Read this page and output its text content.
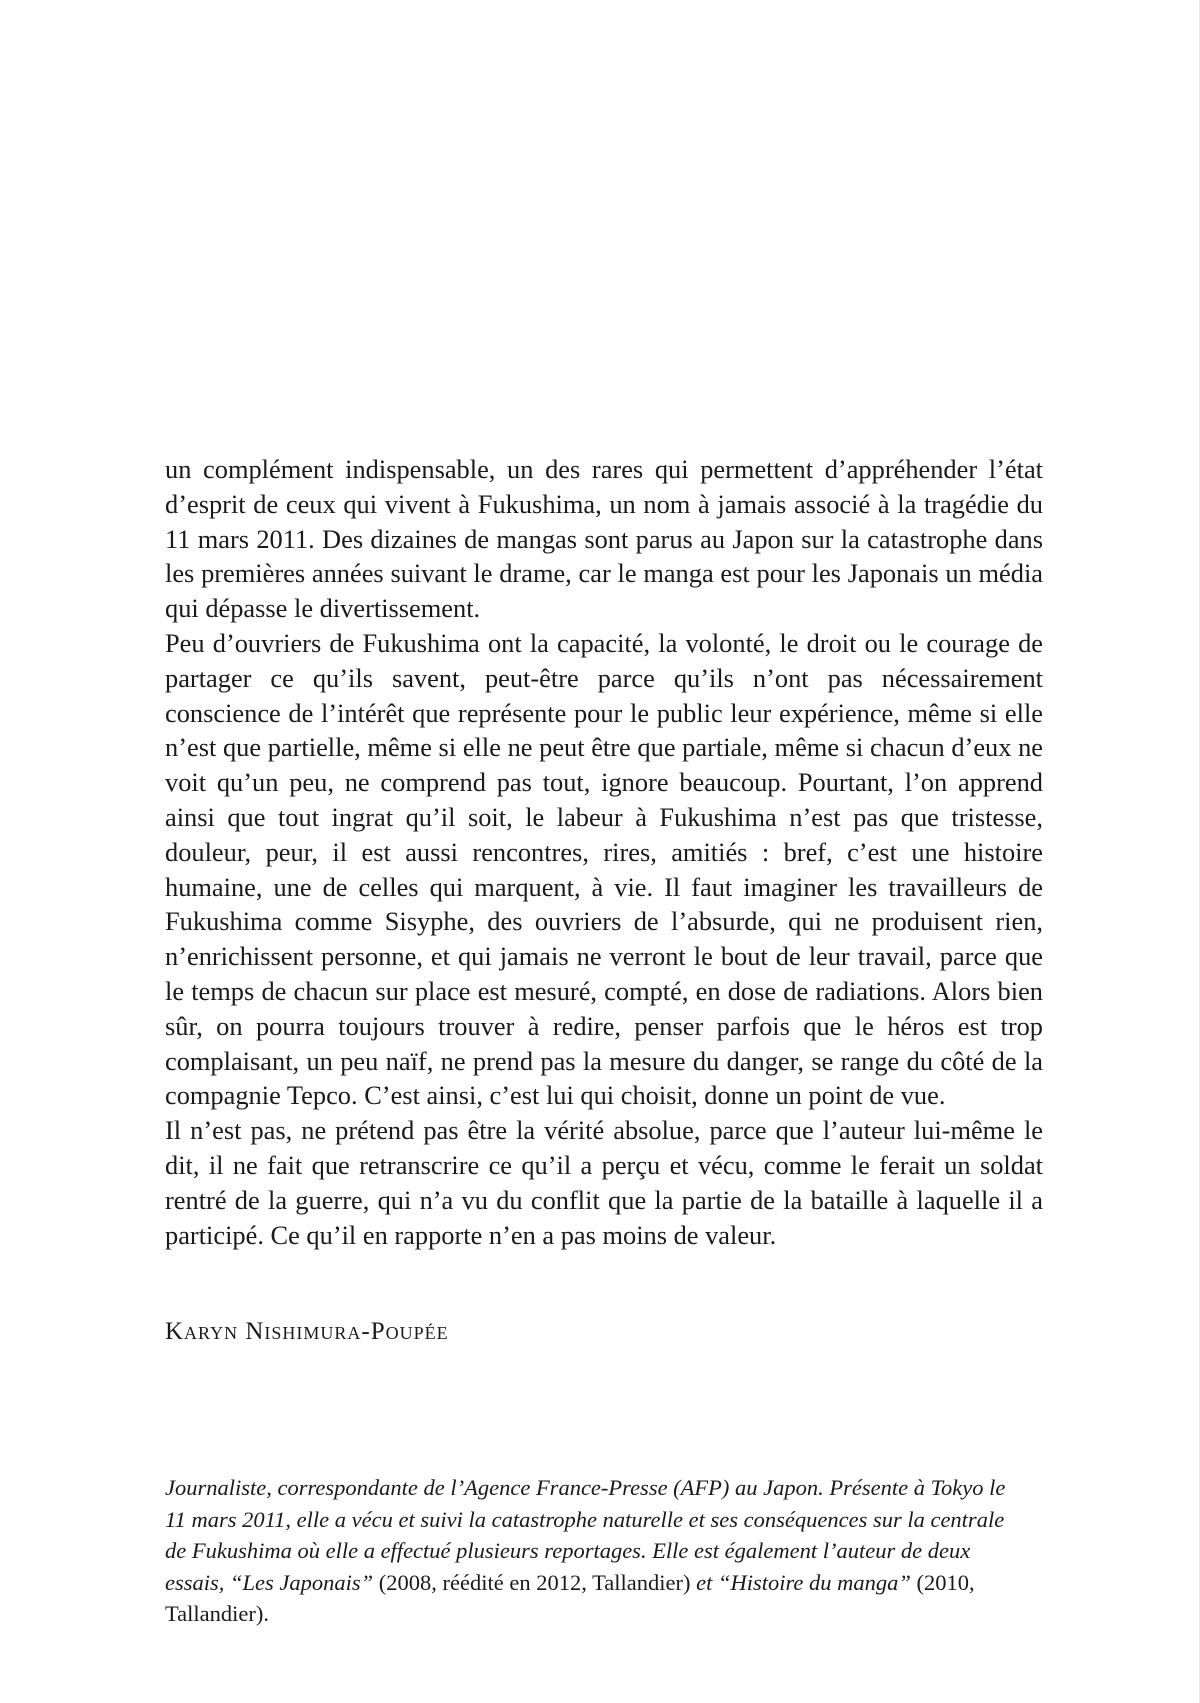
un complément indispensable, un des rares qui permettent d’appréhender l’état d’esprit de ceux qui vivent à Fukushima, un nom à jamais associé à la tragédie du 11 mars 2011. Des dizaines de mangas sont parus au Japon sur la catastrophe dans les premières années suivant le drame, car le manga est pour les Japonais un média qui dépasse le divertissement.

Peu d’ouvriers de Fukushima ont la capacité, la volonté, le droit ou le courage de partager ce qu’ils savent, peut-être parce qu’ils n’ont pas nécessairement conscience de l’intérêt que représente pour le public leur expérience, même si elle n’est que partielle, même si elle ne peut être que partiale, même si chacun d’eux ne voit qu’un peu, ne comprend pas tout, ignore beaucoup. Pourtant, l’on apprend ainsi que tout ingrat qu’il soit, le labeur à Fukushima n’est pas que tristesse, douleur, peur, il est aussi rencontres, rires, amitiés : bref, c’est une histoire humaine, une de celles qui marquent, à vie. Il faut imaginer les travailleurs de Fukushima comme Sisyphe, des ouvriers de l’absurde, qui ne produisent rien, n’enrichissent personne, et qui jamais ne verront le bout de leur travail, parce que le temps de chacun sur place est mesuré, compté, en dose de radiations. Alors bien sûr, on pourra toujours trouver à redire, penser parfois que le héros est trop complaisant, un peu naïf, ne prend pas la mesure du danger, se range du côté de la compagnie Tepco. C’est ainsi, c’est lui qui choisit, donne un point de vue.

Il n’est pas, ne prétend pas être la vérité absolue, parce que l’auteur lui-même le dit, il ne fait que retranscrire ce qu’il a perçu et vécu, comme le ferait un soldat rentré de la guerre, qui n’a vu du conflit que la partie de la bataille à laquelle il a participé. Ce qu’il en rapporte n’en a pas moins de valeur.

Karyn Nishimura-Poupée
Journaliste, correspondante de l’Agence France-Presse (AFP) au Japon. Présente à Tokyo le
11 mars 2011, elle a vécu et suivi la catastrophe naturelle et ses conséquences sur la centrale
de Fukushima où elle a effectué plusieurs reportages. Elle est également l’auteur de deux
essais, “Les Japonais” (2008, réédité en 2012, Tallandier) et “Histoire du manga” (2010,
Tallandier).
